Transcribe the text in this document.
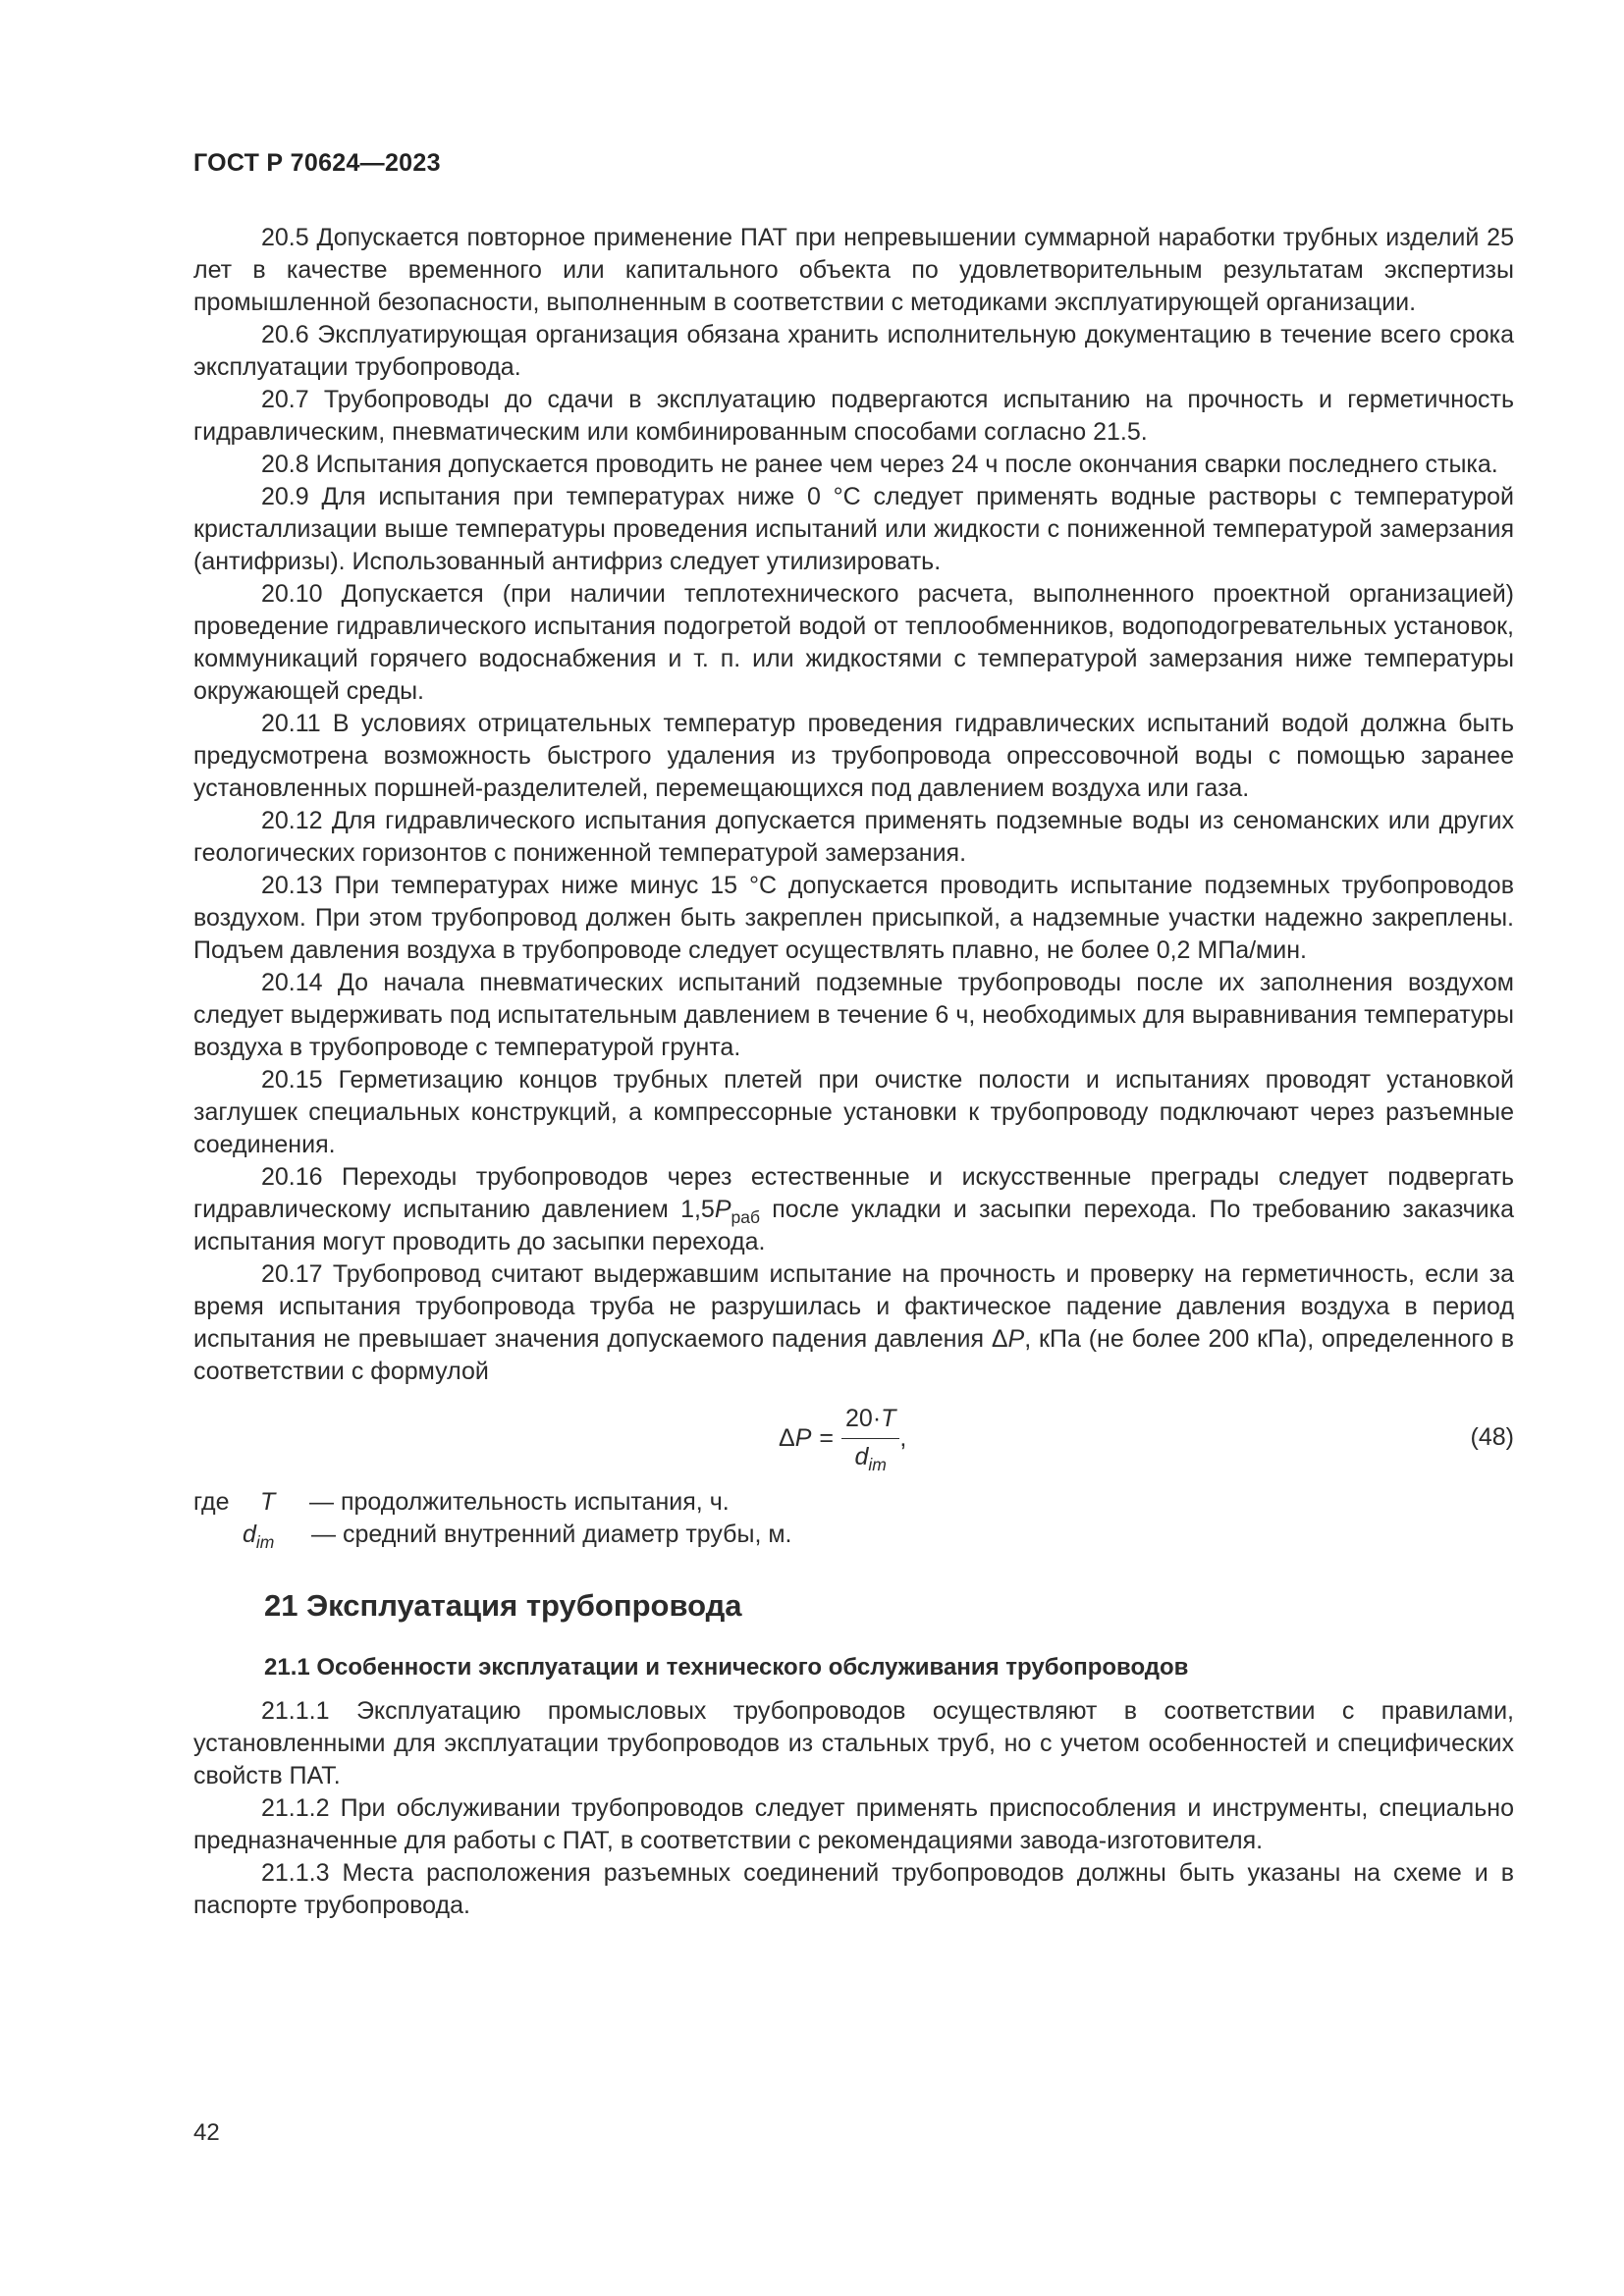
ГОСТ Р 70624—2023

20.5 Допускается повторное применение ПАТ при непревышении суммарной наработки трубных изделий 25 лет в качестве временного или капитального объекта по удовлетворительным результатам экспертизы промышленной безопасности, выполненным в соответствии с методиками эксплуатирующей организации.

20.6 Эксплуатирующая организация обязана хранить исполнительную документацию в течение всего срока эксплуатации трубопровода.

20.7 Трубопроводы до сдачи в эксплуатацию подвергаются испытанию на прочность и герметичность гидравлическим, пневматическим или комбинированным способами согласно 21.5.

20.8 Испытания допускается проводить не ранее чем через 24 ч после окончания сварки последнего стыка.

20.9 Для испытания при температурах ниже 0 °С следует применять водные растворы с температурой кристаллизации выше температуры проведения испытаний или жидкости с пониженной температурой замерзания (антифризы). Использованный антифриз следует утилизировать.

20.10 Допускается (при наличии теплотехнического расчета, выполненного проектной организацией) проведение гидравлического испытания подогретой водой от теплообменников, водоподогревательных установок, коммуникаций горячего водоснабжения и т. п. или жидкостями с температурой замерзания ниже температуры окружающей среды.

20.11 В условиях отрицательных температур проведения гидравлических испытаний водой должна быть предусмотрена возможность быстрого удаления из трубопровода опрессовочной воды с помощью заранее установленных поршней-разделителей, перемещающихся под давлением воздуха или газа.

20.12 Для гидравлического испытания допускается применять подземные воды из сеноманских или других геологических горизонтов с пониженной температурой замерзания.

20.13 При температурах ниже минус 15 °С допускается проводить испытание подземных трубопроводов воздухом. При этом трубопровод должен быть закреплен присыпкой, а надземные участки надежно закреплены. Подъем давления воздуха в трубопроводе следует осуществлять плавно, не более 0,2 МПа/мин.

20.14 До начала пневматических испытаний подземные трубопроводы после их заполнения воздухом следует выдерживать под испытательным давлением в течение 6 ч, необходимых для выравнивания температуры воздуха в трубопроводе с температурой грунта.

20.15 Герметизацию концов трубных плетей при очистке полости и испытаниях проводят установкой заглушек специальных конструкций, а компрессорные установки к трубопроводу подключают через разъемные соединения.

20.16 Переходы трубопроводов через естественные и искусственные преграды следует подвергать гидравлическому испытанию давлением $1,5P_{раб}$ после укладки и засыпки перехода. По требованию заказчика испытания могут проводить до засыпки перехода.

20.17 Трубопровод считают выдержавшим испытание на прочность и проверку на герметичность, если за время испытания трубопровода труба не разрушилась и фактическое падение давления воздуха в период испытания не превышает значения допускаемого падения давления ΔP, кПа (не более 200 кПа), определенного в соответствии с формулой

$\Delta P = \frac{20\cdot T}{d_{im}}$ ,	(48)
где	T	— продолжительность испытания, ч.
$d_{im}$	— средний внутренний диаметр трубы, м.
21 Эксплуатация трубопровода
21.1 Особенности эксплуатации и технического обслуживания трубопроводов

21.1.1 Эксплуатацию промысловых трубопроводов осуществляют в соответствии с правилами, установленными для эксплуатации трубопроводов из стальных труб, но с учетом особенностей и специфических свойств ПАТ.

21.1.2 При обслуживании трубопроводов следует применять приспособления и инструменты, специально предназначенные для работы с ПАТ, в соответствии с рекомендациями завода-изготовителя.

21.1.3 Места расположения разъемных соединений трубопроводов должны быть указаны на схеме и в паспорте трубопровода.

42
